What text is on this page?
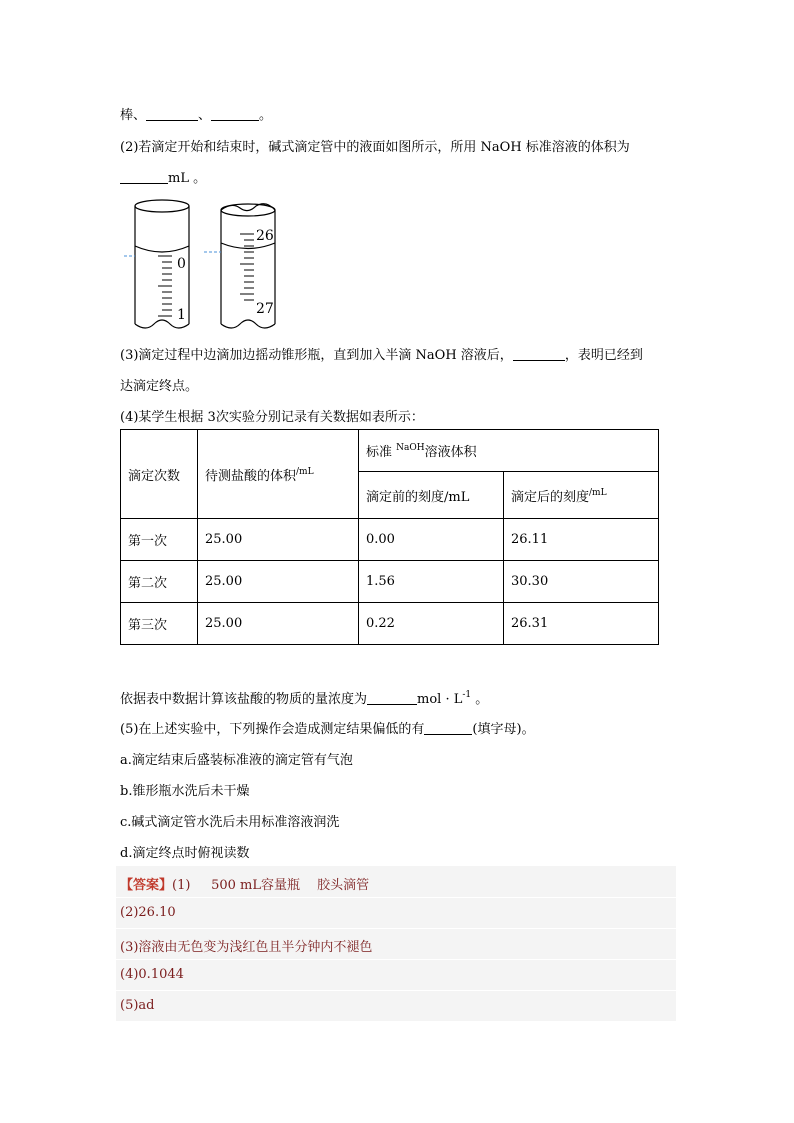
棒、	、	。
(2)若滴定开始和结束时，碱式滴定管中的液面如图所示，所用 NaOH 标准溶液的体积为
mL 。
0
1
26
27
(3)滴定过程中边滴加边摇动锥形瓶，直到加入半滴 NaOH 溶液后，	，表明已经到
达滴定终点。
(4)某学生根据 3次实验分别记录有关数据如表所示：
滴定次数	待测盐酸的体积$^{/mL}$	标准 $^{NaOH}$溶液体积	
		滴定前的刻度/mL	滴定后的刻度$^{/mL}$
第一次	25.00	0.00	26.11
第二次	25.00	1.56	30.30
第三次	25.00	0.22	26.31
依据表中数据计算该盐酸的物质的量浓度为	mol · $L^{-1}$ 。
(5)在上述实验中，下列操作会造成测定结果偏低的有	(填字母)。
a.滴定结束后盛装标准液的滴定管有气泡
b.锥形瓶水洗后未干燥
c.碱式滴定管水洗后未用标准溶液润洗
d.滴定终点时俯视读数
【答案】(1) 500 mL容量瓶　 胶头滴管
(2)26.10
(3)溶液由无色变为浅红色且半分钟内不褪色
(4)0.1044
(5)ad
